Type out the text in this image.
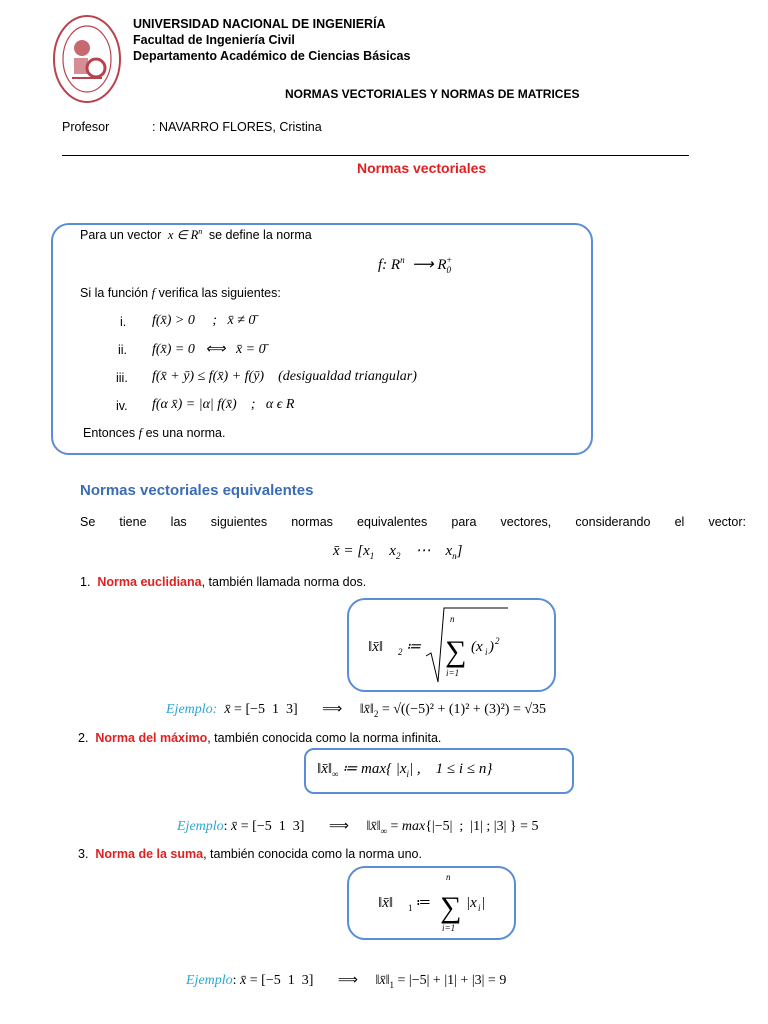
UNIVERSIDAD NACIONAL DE INGENIERÍA
Facultad de Ingeniería Civil
Departamento Académico de Ciencias Básicas
NORMAS VECTORIALES Y NORMAS DE MATRICES
Profesor	: NAVARRO FLORES, Cristina
Normas vectoriales
Para un vector  x ∈ $R^n$ se define la norma
f: $R^n$  ⟶ $R_0^+$
Si la función f verifica las siguientes:
i. f(x̄) > 0     ;   x̄ ≠ 0̄
ii. f(x̄) = 0   ⟺   x̄ = 0̄
iii. f(x̄ + ȳ) ≤ f(x̄) + f(ȳ)    (desigualdad triangular)
iv. f(α x̄) = |α| f(x̄)    ;   α ϵ R
Entonces f es una norma.
Normas vectoriales equivalentes
Se tiene las siguientes normas equivalentes para vectores, considerando el vector:
x̄ = [$x_1$    $x_2$    ⋯    $x_n$]
1. Norma euclidiana, también llamada norma dos.
‖x̄‖ 2 ≔
n
∑
i=1
(x i ) 2
Ejemplo:  x̄ = [−5  1  3]       ⟹     $‖x̄‖_2 = √((-5)^2 + (1)^2 + (3)^2) = √35$
2. Norma del máximo, también conocida como la norma infinita.
$‖x̄‖_\infty$ ≔ max{ $|x_i|$ ,    1 ≤ i ≤ n}
Ejemplo: x̄ = [−5  1  3]       ⟹     $‖x̄‖_\infty = \max\{|-5|$  ;  |1| ; |3| } = 5
3. Norma de la suma, también conocida como la norma uno.
‖x̄‖ 1 ≔
n
∑
i=1
|x i |
Ejemplo: x̄ = [−5  1  3]       ⟹     $‖x̄‖_1 = |-5| + |1| + |3| = 9$
